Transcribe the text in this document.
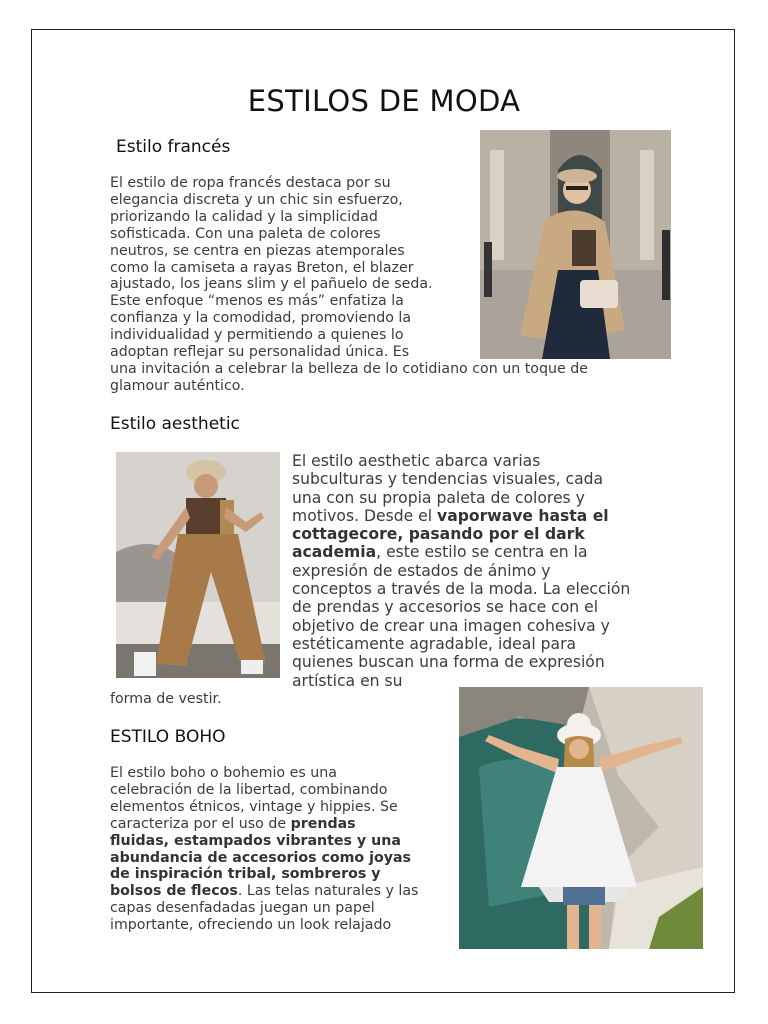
ESTILOS DE MODA
Estilo francés
El estilo de ropa francés destaca por su
elegancia discreta y un chic sin esfuerzo,
priorizando la calidad y la simplicidad
sofisticada. Con una paleta de colores
neutros, se centra en piezas atemporales
como la camiseta a rayas Breton, el blazer
ajustado, los jeans slim y el pañuelo de seda.
Este enfoque “menos es más” enfatiza la
confianza y la comodidad, promoviendo la
individualidad y permitiendo a quienes lo
adoptan reflejar su personalidad única. Es
una invitación a celebrar la belleza de lo cotidiano con un toque de
glamour auténtico.
Estilo aesthetic
El estilo aesthetic abarca varias
subculturas y tendencias visuales, cada
una con su propia paleta de colores y
motivos. Desde el vaporwave hasta el
cottagecore, pasando por el dark
academia, este estilo se centra en la
expresión de estados de ánimo y
conceptos a través de la moda. La elección
de prendas y accesorios se hace con el
objetivo de crear una imagen cohesiva y
estéticamente agradable, ideal para
quienes buscan una forma de expresión
artística en su
forma de vestir.
ESTILO BOHO
El estilo boho o bohemio es una
celebración de la libertad, combinando
elementos étnicos, vintage y hippies. Se
caracteriza por el uso de prendas
fluidas, estampados vibrantes y una
abundancia de accesorios como joyas
de inspiración tribal, sombreros y
bolsos de flecos. Las telas naturales y las
capas desenfadadas juegan un papel
importante, ofreciendo un look relajado
